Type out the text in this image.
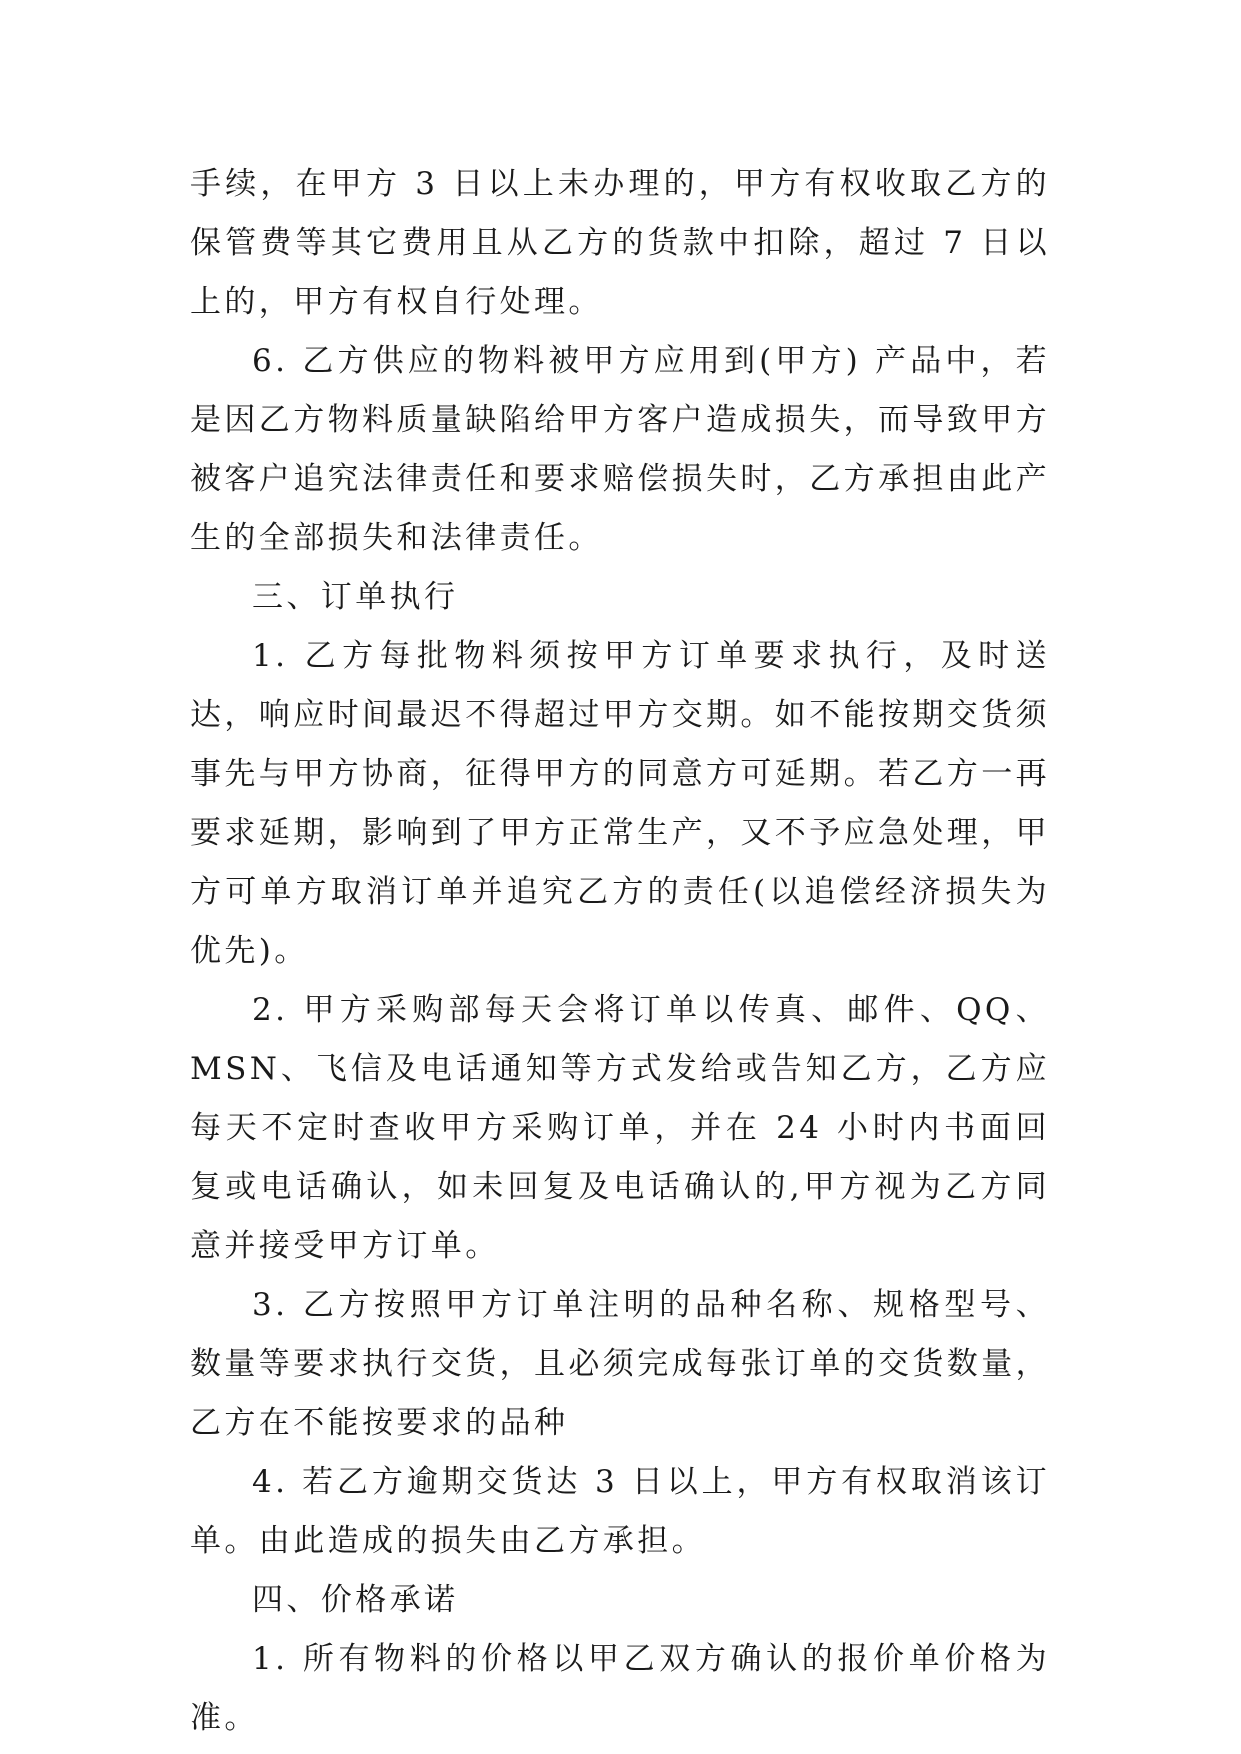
手续，在甲方 3 日以上未办理的，甲方有权收取乙方的保管费等其它费用且从乙方的货款中扣除，超过 7 日以上的，甲方有权自行处理。

6. 乙方供应的物料被甲方应用到(甲方) 产品中，若是因乙方物料质量缺陷给甲方客户造成损失，而导致甲方被客户追究法律责任和要求赔偿损失时，乙方承担由此产生的全部损失和法律责任。

三、订单执行

1. 乙方每批物料须按甲方订单要求执行，及时送达，响应时间最迟不得超过甲方交期。如不能按期交货须事先与甲方协商，征得甲方的同意方可延期。若乙方一再要求延期，影响到了甲方正常生产，又不予应急处理，甲方可单方取消订单并追究乙方的责任(以追偿经济损失为优先)。

2. 甲方采购部每天会将订单以传真、邮件、QQ、MSN、飞信及电话通知等方式发给或告知乙方，乙方应每天不定时查收甲方采购订单，并在 24 小时内书面回复或电话确认，如未回复及电话确认的,甲方视为乙方同意并接受甲方订单。

3. 乙方按照甲方订单注明的品种名称、规格型号、数量等要求执行交货，且必须完成每张订单的交货数量，乙方在不能按要求的品种

4. 若乙方逾期交货达 3 日以上，甲方有权取消该订单。由此造成的损失由乙方承担。

四、价格承诺

1. 所有物料的价格以甲乙双方确认的报价单价格为准。
